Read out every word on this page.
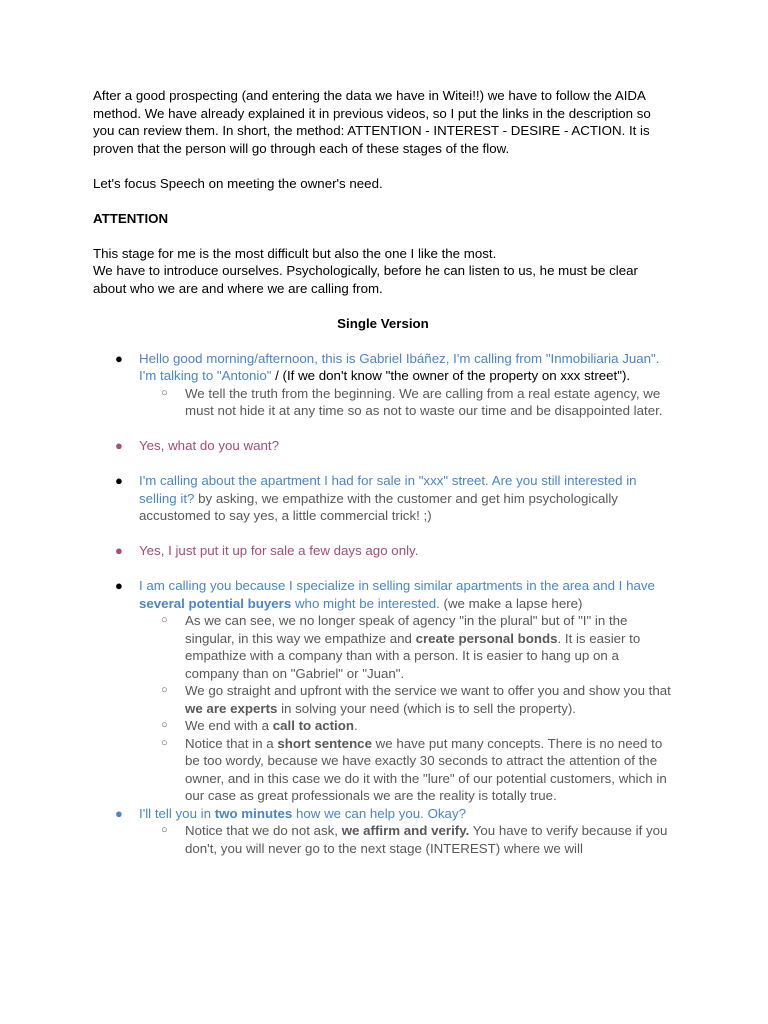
After a good prospecting (and entering the data we have in Witei!!) we have to follow the AIDA method. We have already explained it in previous videos, so I put the links in the description so you can review them. In short, the method: ATTENTION - INTEREST - DESIRE - ACTION. It is proven that the person will go through each of these stages of the flow.

Let's focus Speech on meeting the owner's need.

ATTENTION

This stage for me is the most difficult but also the one I like the most.

We have to introduce ourselves. Psychologically, before he can listen to us, he must be clear about who we are and where we are calling from.

Single Version

● Hello good morning/afternoon, this is Gabriel Ibáñez, I'm calling from "Inmobiliaria Juan". I'm talking to "Antonio" / (If we don't know "the owner of the property on xxx street").
○ We tell the truth from the beginning. We are calling from a real estate agency, we must not hide it at any time so as not to waste our time and be disappointed later.
● Yes, what do you want?
● I'm calling about the apartment I had for sale in "xxx" street. Are you still interested in selling it? by asking, we empathize with the customer and get him psychologically accustomed to say yes, a little commercial trick! ;)
● Yes, I just put it up for sale a few days ago only.
● I am calling you because I specialize in selling similar apartments in the area and I have several potential buyers who might be interested. (we make a lapse here)
○ As we can see, we no longer speak of agency "in the plural" but of "I" in the singular, in this way we empathize and create personal bonds. It is easier to empathize with a company than with a person. It is easier to hang up on a company than on "Gabriel" or "Juan".
○ We go straight and upfront with the service we want to offer you and show you that we are experts in solving your need (which is to sell the property).
○ We end with a call to action.
○ Notice that in a short sentence we have put many concepts. There is no need to be too wordy, because we have exactly 30 seconds to attract the attention of the owner, and in this case we do it with the "lure" of our potential customers, which in our case as great professionals we are the reality is totally true.
● I'll tell you in two minutes how we can help you. Okay?
○ Notice that we do not ask, we affirm and verify. You have to verify because if you don't, you will never go to the next stage (INTEREST) where we will
